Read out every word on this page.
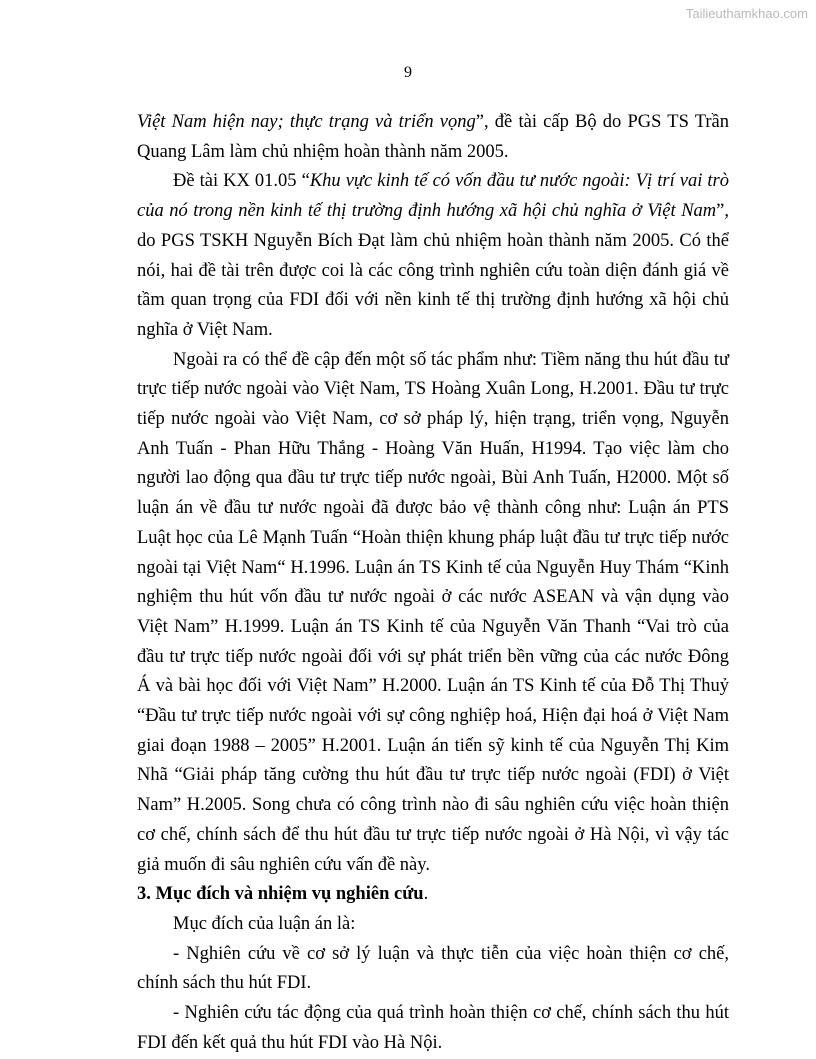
Tailieuthamkhao.com
9

Việt Nam hiện nay; thực trạng và triển vọng”, đề tài cấp Bộ do PGS TS Trần Quang Lâm làm chủ nhiệm hoàn thành năm 2005.

Đề tài KX 01.05 “Khu vực kinh tế có vốn đầu tư nước ngoài: Vị trí vai trò của nó trong nền kinh tế thị trường định hướng xã hội chủ nghĩa ở Việt Nam”, do PGS TSKH Nguyễn Bích Đạt làm chủ nhiệm hoàn thành năm 2005. Có thể nói, hai đề tài trên được coi là các công trình nghiên cứu toàn diện đánh giá về tầm quan trọng của FDI đối với nền kinh tế thị trường định hướng xã hội chủ nghĩa ở Việt Nam.

Ngoài ra có thể đề cập đến một số tác phẩm như: Tiềm năng thu hút đầu tư trực tiếp nước ngoài vào Việt Nam, TS Hoàng Xuân Long, H.2001. Đầu tư trực tiếp nước ngoài vào Việt Nam, cơ sở pháp lý, hiện trạng, triển vọng, Nguyễn Anh Tuấn - Phan Hữu Thắng - Hoàng Văn Huấn, H1994. Tạo việc làm cho người lao động qua đầu tư trực tiếp nước ngoài, Bùi Anh Tuấn, H2000. Một số luận án về đầu tư nước ngoài đã được bảo vệ thành công như: Luận án PTS Luật học của Lê Mạnh Tuấn “Hoàn thiện khung pháp luật đầu tư trực tiếp nước ngoài tại Việt Nam“ H.1996. Luận án TS Kinh tế của Nguyễn Huy Thám “Kinh nghiệm thu hút vốn đầu tư nước ngoài ở các nước ASEAN và vận dụng vào Việt Nam” H.1999. Luận án TS Kinh tế của Nguyễn Văn Thanh “Vai trò của đầu tư trực tiếp nước ngoài đối với sự phát triển bền vững của các nước Đông Á và bài học đối với Việt Nam” H.2000. Luận án TS Kinh tế của Đỗ Thị Thuỷ “Đầu tư trực tiếp nước ngoài với sự công nghiệp hoá, Hiện đại hoá ở Việt Nam giai đoạn 1988 – 2005” H.2001. Luận án tiến sỹ kinh tế của Nguyễn Thị Kim Nhã “Giải pháp tăng cường thu hút đầu tư trực tiếp nước ngoài (FDI) ở Việt Nam” H.2005. Song chưa có công trình nào đi sâu nghiên cứu việc hoàn thiện cơ chế, chính sách để thu hút đầu tư trực tiếp nước ngoài ở Hà Nội, vì vậy tác giả muốn đi sâu nghiên cứu vấn đề này.

3. Mục đích và nhiệm vụ nghiên cứu.

Mục đích của luận án là:

- Nghiên cứu về cơ sở lý luận và thực tiễn của việc hoàn thiện cơ chế, chính sách thu hút FDI.

- Nghiên cứu tác động của quá trình hoàn thiện cơ chế, chính sách thu hút FDI đến kết quả thu hút FDI vào Hà Nội.
